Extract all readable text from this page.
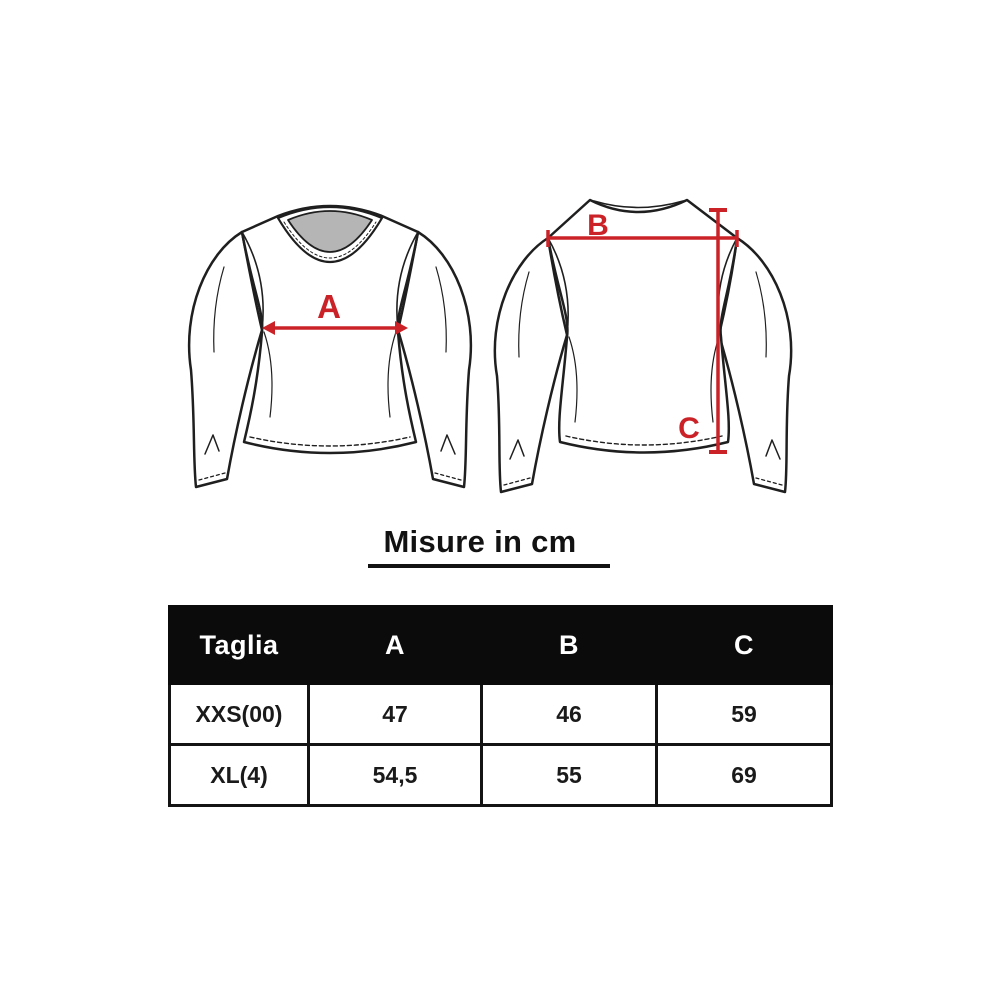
A
B
C

Misure in cm

Taglia	A	B	C
XXS(00)	47	46	59
XL(4)	54,5	55	69
